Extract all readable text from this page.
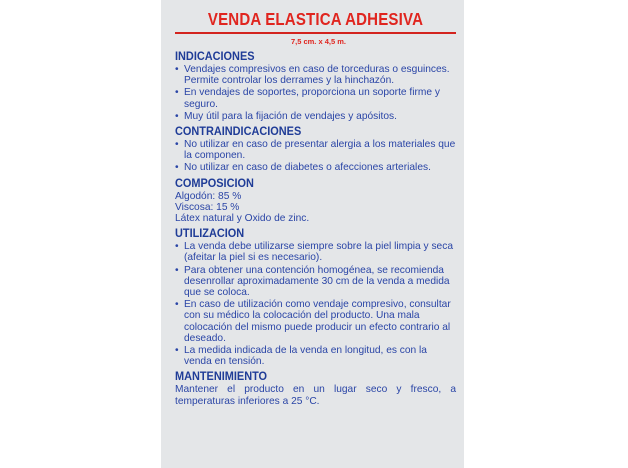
VENDA ELASTICA ADHESIVA
7,5 cm. x 4,5 m.
INDICACIONES
• Vendajes compresivos en caso de torceduras o esguinces. Permite controlar los derrames y la hinchazón.
• En vendajes de soportes, proporciona un soporte firme y seguro.
• Muy útil para la fijación de vendajes y apósitos.
CONTRAINDICACIONES
• No utilizar en caso de presentar alergia a los materiales que la componen.
• No utilizar en caso de diabetes o afecciones arteriales.
COMPOSICION
Algodón: 85 %
Viscosa: 15 %
Látex natural y Oxido de zinc.
UTILIZACION
• La venda debe utilizarse siempre sobre la piel limpia y seca (afeitar la piel si es necesario).
• Para obtener una contención homogénea, se recomienda desenrollar aproximadamente 30 cm de la venda a medida que se coloca.
• En caso de utilización como vendaje compresivo, consultar con su médico la colocación del producto. Una mala colocación del mismo puede producir un efecto contrario al deseado.
• La medida indicada de la venda en longitud, es con la venda en tensión.
MANTENIMIENTO
Mantener el producto en un lugar seco y fresco, a temperaturas inferiores a 25 °C.
